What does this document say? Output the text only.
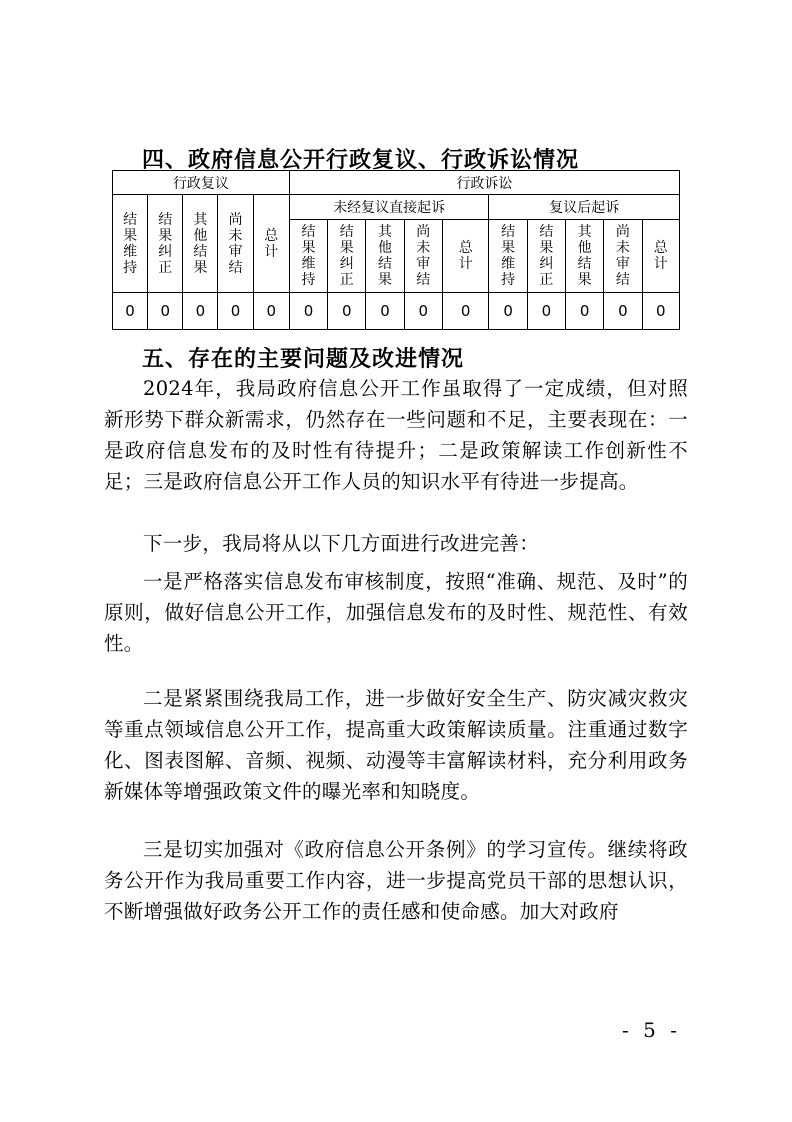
四、政府信息公开行政复议、行政诉讼情况
行政复议					行政诉讼									
结果维持	结果纠正	其他结果	尚未审结	总计	未经复议直接起诉					复议后起诉				
					结果维持	结果纠正	其他结果	尚未审结	总计	结果维持	结果纠正	其他结果	尚未审结	总计
0	0	0	0	0	0	0	0	0	0	0	0	0	0	0
五、存在的主要问题及改进情况

2024年，我局政府信息公开工作虽取得了一定成绩，但对照新形势下群众新需求，仍然存在一些问题和不足，主要表现在：一是政府信息发布的及时性有待提升；二是政策解读工作创新性不足；三是政府信息公开工作人员的知识水平有待进一步提高。

下一步，我局将从以下几方面进行改进完善：

一是严格落实信息发布审核制度，按照“准确、规范、及时”的原则，做好信息公开工作，加强信息发布的及时性、规范性、有效性。

二是紧紧围绕我局工作，进一步做好安全生产、防灾减灾救灾等重点领域信息公开工作，提高重大政策解读质量。注重通过数字化、图表图解、音频、视频、动漫等丰富解读材料，充分利用政务新媒体等增强政策文件的曝光率和知晓度。

三是切实加强对《政府信息公开条例》的学习宣传。继续将政务公开作为我局重要工作内容，进一步提高党员干部的思想认识，不断增强做好政务公开工作的责任感和使命感。加大对政府

- 5 -
